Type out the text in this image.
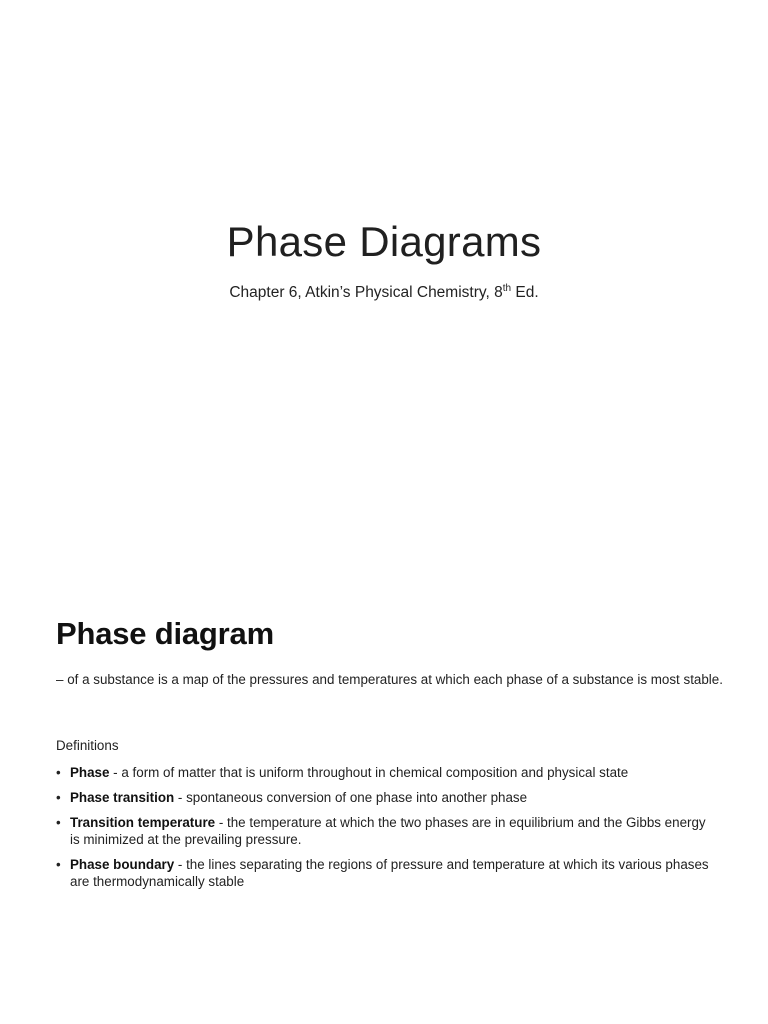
Phase Diagrams

Chapter 6, Atkin’s Physical Chemistry, 8th Ed.

Phase diagram

– of a substance is a map of the pressures and temperatures at which each phase of a substance is most stable.

Definitions

• Phase - a form of matter that is uniform throughout in chemical composition and physical state
• Phase transition - spontaneous conversion of one phase into another phase
• Transition temperature - the temperature at which the two phases are in equilibrium and the Gibbs energy is minimized at the prevailing pressure.
• Phase boundary - the lines separating the regions of pressure and temperature at which its various phases are thermodynamically stable
